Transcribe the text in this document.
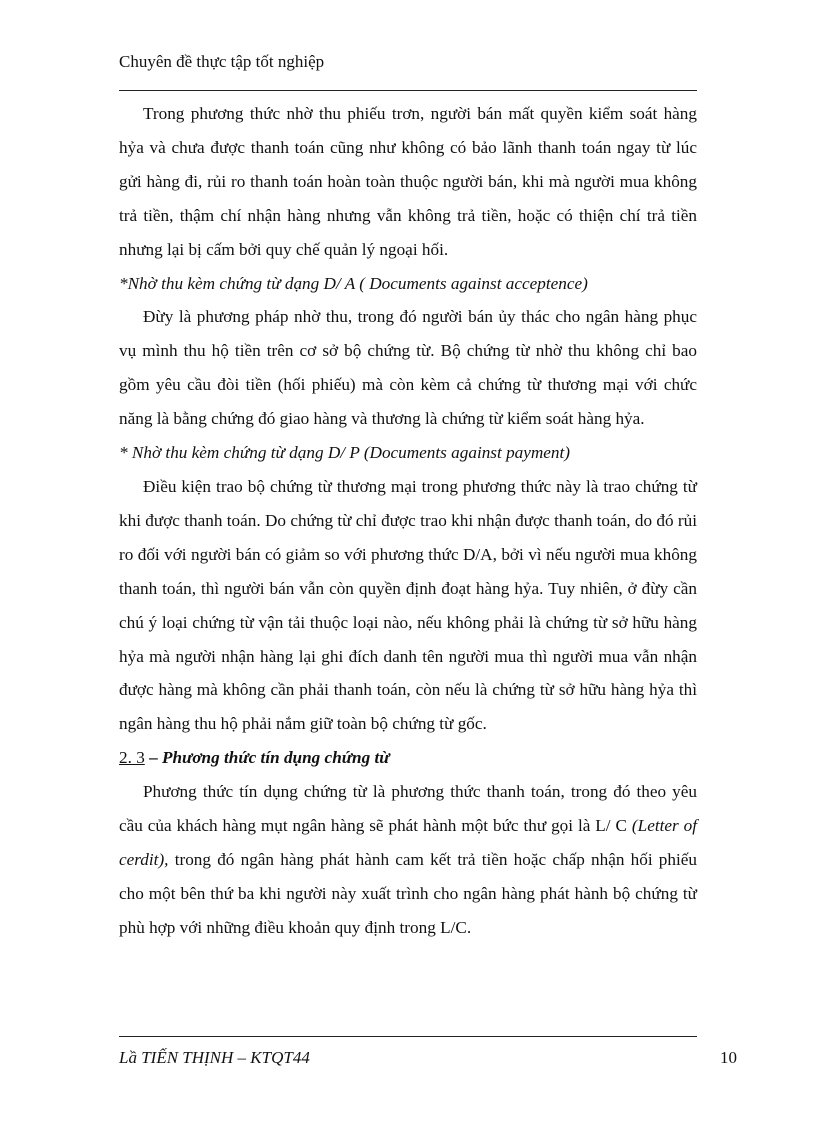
Chuyên đề thực tập tốt nghiệp

Trong phương thức nhờ thu phiếu trơn, người bán mất quyền kiểm soát hàng hỷa và chưa được thanh toán cũng như không có bảo lãnh thanh toán ngay từ lúc gửi hàng đi, rủi ro thanh toán hoàn toàn thuộc người bán, khi mà người mua không trả tiền, thậm chí nhận hàng nhưng vẫn không trả tiền, hoặc có thiện chí trả tiền nhưng lại bị cấm bởi quy chế quản lý ngoại hối.

*Nhờ thu kèm chứng từ dạng D/ A ( Documents against acceptence)

Đừy là phương pháp nhờ thu, trong đó người bán ủy thác cho ngân hàng phục vụ mình thu hộ tiền trên cơ sở bộ chứng từ. Bộ chứng từ nhờ thu không chỉ bao gồm yêu cầu đòi tiền (hối phiếu) mà còn kèm cả chứng từ thương mại với chức năng là bằng chứng đó giao hàng và thương là chứng từ kiểm soát hàng hỷa.

* Nhờ thu kèm chứng từ dạng D/ P (Documents against payment)

Điều kiện trao bộ chứng từ thương mại trong phương thức này là trao chứng từ khi được thanh toán. Do chứng từ chỉ được trao khi nhận được thanh toán, do đó rủi ro đối với người bán có giảm so với phương thức D/A, bởi vì nếu người mua không thanh toán, thì người bán vẫn còn quyền định đoạt hàng hỷa. Tuy nhiên, ở đừy cần chú ý loại chứng từ vận tải thuộc loại nào, nếu không phải là chứng từ sở hữu hàng hỷa mà người nhận hàng lại ghi đích danh tên người mua thì người mua vẫn nhận được hàng mà không cần phải thanh toán, còn nếu là chứng từ sở hữu hàng hỷa thì ngân hàng thu hộ phải nắm giữ toàn bộ chứng từ gốc.

2. 3 – Phương thức tín dụng chứng từ

Phương thức tín dụng chứng từ là phương thức thanh toán, trong đó theo yêu cầu của khách hàng mụt ngân hàng sẽ phát hành một bức thư gọi là L/ C (Letter of cerdit), trong đó ngân hàng phát hành cam kết trả tiền hoặc chấp nhận hối phiếu cho một bên thứ ba khi người này xuất trình cho ngân hàng phát hành bộ chứng từ phù hợp với những điều khoản quy định trong L/C.

Lầ TIẾN THỊNH – KTQT44	10
